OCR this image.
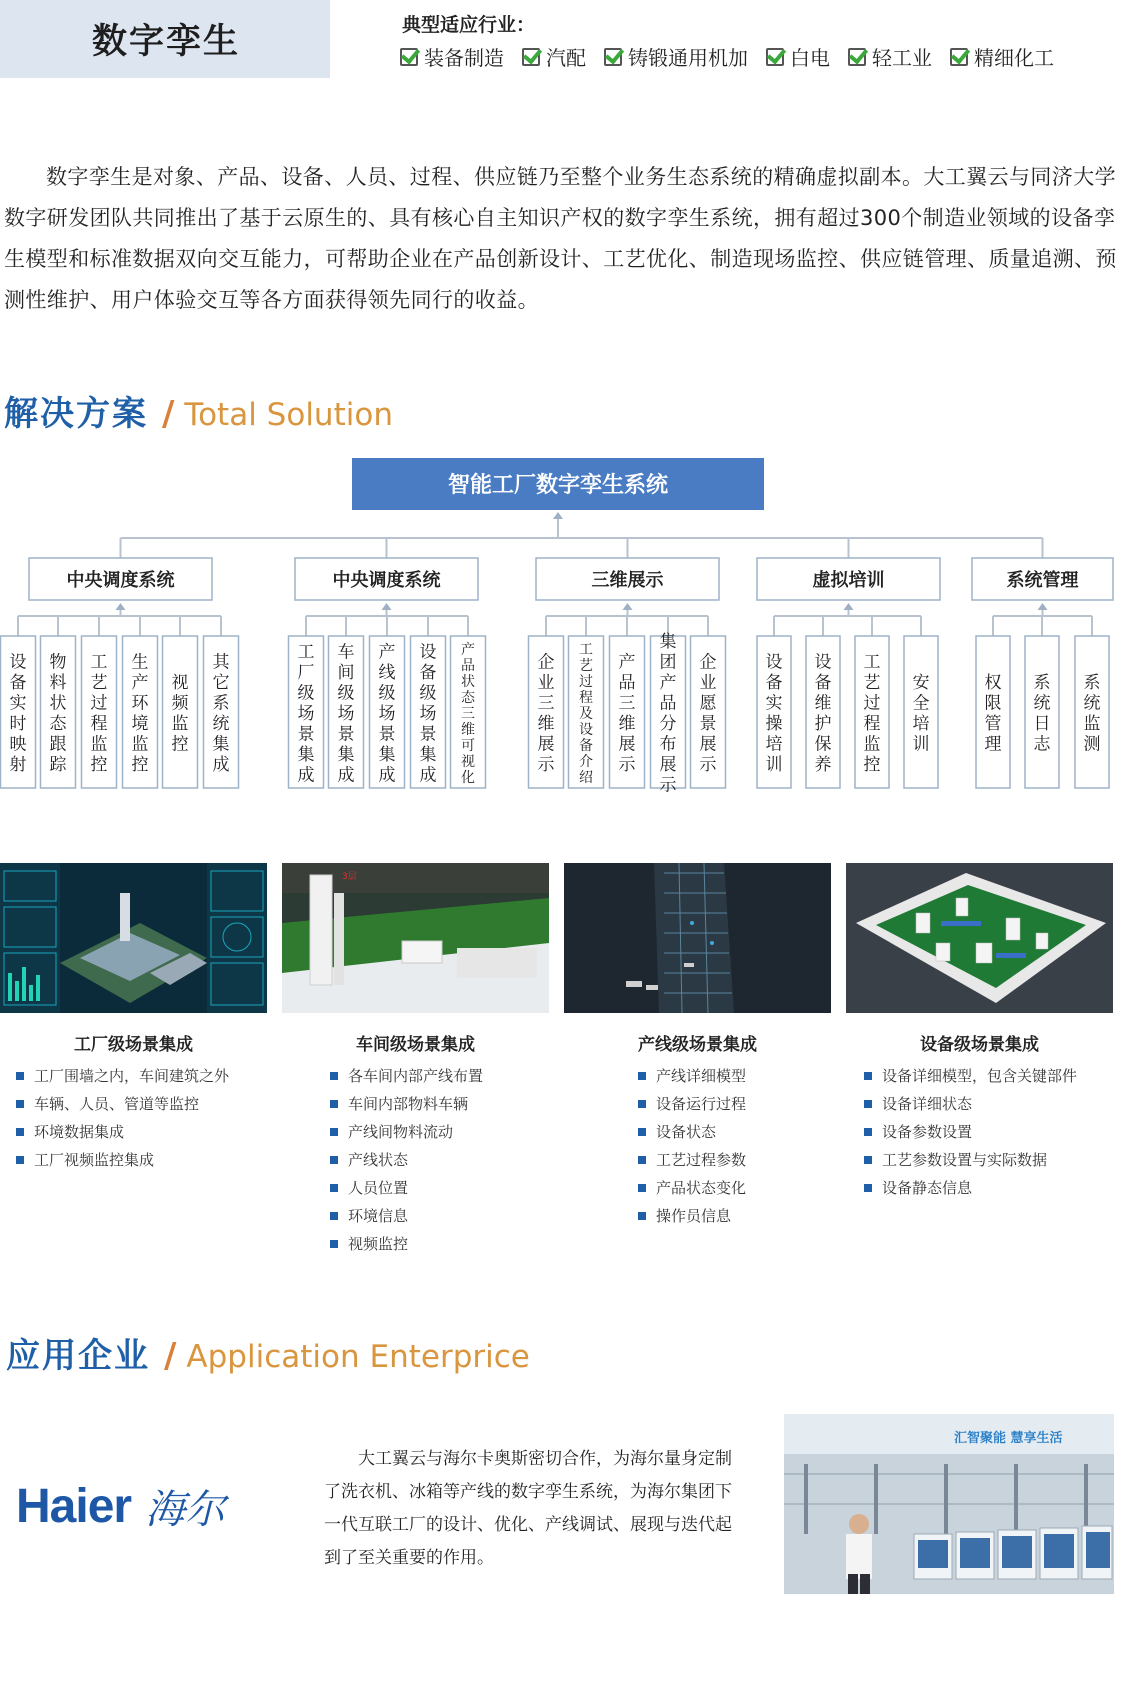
数字孪生	典型适应行业：
装备制造 汽配 铸锻通用机加 白电 轻工业 精细化工

数字孪生是对象、产品、设备、人员、过程、供应链乃至整个业务生态系统的精确虚拟副本。大工翼云与同济大学数字研发团队共同推出了基于云原生的、具有核心自主知识产权的数字孪生系统，拥有超过300个制造业领域的设备孪生模型和标准数据双向交互能力，可帮助企业在产品创新设计、工艺优化、制造现场监控、供应链管理、质量追溯、预测性维护、用户体验交互等各方面获得领先同行的收益。

解决方案 / Total Solution
智能工厂数字孪生系统
中央调度系统
设备实时映射
物料状态跟踪
工艺过程监控
生产环境监控
视频监控
其它系统集成
中央调度系统
工厂级场景集成
车间级场景集成
产线级场景集成
设备级场景集成
产品状态三维可视化
三维展示
企业三维展示
工艺过程及设备介绍
产品三维展示
集团产品分布展示
企业愿景展示
虚拟培训
设备实操培训
设备维护保养
工艺过程监控
安全培训
系统管理
权限管理
系统日志
系统监测
3层
应用企业 / Application Enterprice
Haier 海尔

大工翼云与海尔卡奥斯密切合作，为海尔量身定制了洗衣机、冰箱等产线的数字孪生系统，为海尔集团下一代互联工厂的设计、优化、产线调试、展现与迭代起到了至关重要的作用。

汇智聚能 慧享生活
工厂级场景集成
工厂围墙之内，车间建筑之外
车辆、人员、管道等监控
环境数据集成
工厂视频监控集成
车间级场景集成
各车间内部产线布置
车间内部物料车辆
产线间物料流动
产线状态
人员位置
环境信息
视频监控
产线级场景集成
产线详细模型
设备运行过程
设备状态
工艺过程参数
产品状态变化
操作员信息
设备级场景集成
设备详细模型，包含关键部件
设备详细状态
设备参数设置
工艺参数设置与实际数据
设备静态信息
